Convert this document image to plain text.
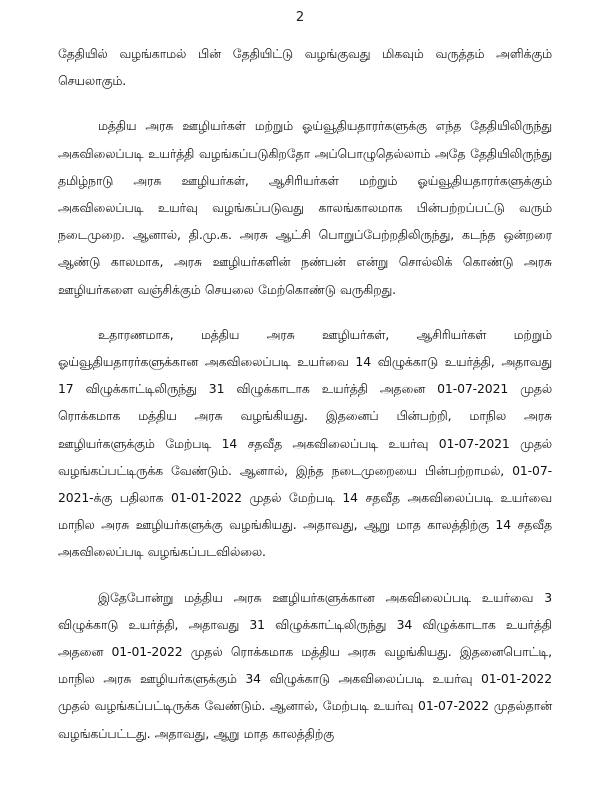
2

தேதியில் வழங்காமல் பின் தேதியிட்டு வழங்குவது மிகவும் வருத்தம் அளிக்கும் செயலாகும்.

மத்திய அரசு ஊழியர்கள் மற்றும் ஓய்வூதியதாரர்களுக்கு எந்த தேதியிலிருந்து அகவிலைப்படி உயர்த்தி வழங்கப்படுகிறதோ அப்பொழுதெல்லாம் அதே தேதியிலிருந்து தமிழ்நாடு அரசு ஊழியர்கள், ஆசிரியர்கள் மற்றும் ஓய்வூதியதாரர்களுக்கும் அகவிலைப்படி உயர்வு வழங்கப்படுவது காலங்காலமாக பின்பற்றப்பட்டு வரும் நடைமுறை. ஆனால், தி.மு.க. அரசு ஆட்சி பொறுப்பேற்றதிலிருந்து, கடந்த ஒன்றரை ஆண்டு காலமாக, அரசு ஊழியர்களின் நண்பன் என்று சொல்லிக் கொண்டு அரசு ஊழியர்களை வஞ்சிக்கும் செயலை மேற்கொண்டு வருகிறது.

உதாரணமாக, மத்திய அரசு ஊழியர்கள், ஆசிரியர்கள் மற்றும் ஓய்வூதியதாரர்களுக்கான அகவிலைப்படி உயர்வை 14 விழுக்காடு உயர்த்தி, அதாவது 17 விழுக்காட்டிலிருந்து 31 விழுக்காடாக உயர்த்தி அதனை 01-07-2021 முதல் ரொக்கமாக மத்திய அரசு வழங்கியது. இதனைப் பின்பற்றி, மாநில அரசு ஊழியர்களுக்கும் மேற்படி 14 சதவீத அகவிலைப்படி உயர்வு 01-07-2021 முதல் வழங்கப்பட்டிருக்க வேண்டும். ஆனால், இந்த நடைமுறையை பின்பற்றாமல், 01-07-2021-க்கு பதிலாக 01-01-2022 முதல் மேற்படி 14 சதவீத அகவிலைப்படி உயர்வை மாநில அரசு ஊழியர்களுக்கு வழங்கியது. அதாவது, ஆறு மாத காலத்திற்கு 14 சதவீத அகவிலைப்படி வழங்கப்படவில்லை.

இதேபோன்று மத்திய அரசு ஊழியர்களுக்கான அகவிலைப்படி உயர்வை 3 விழுக்காடு உயர்த்தி, அதாவது 31 விழுக்காட்டிலிருந்து 34 விழுக்காடாக உயர்த்தி அதனை 01-01-2022 முதல் ரொக்கமாக மத்திய அரசு வழங்கியது. இதனைபொட்டி, மாநில அரசு ஊழியர்களுக்கும் 34 விழுக்காடு அகவிலைப்படி உயர்வு 01-01-2022 முதல் வழங்கப்பட்டிருக்க வேண்டும். ஆனால், மேற்படி உயர்வு 01-07-2022 முதல்தான் வழங்கப்பட்டது. அதாவது, ஆறு மாத காலத்திற்கு
